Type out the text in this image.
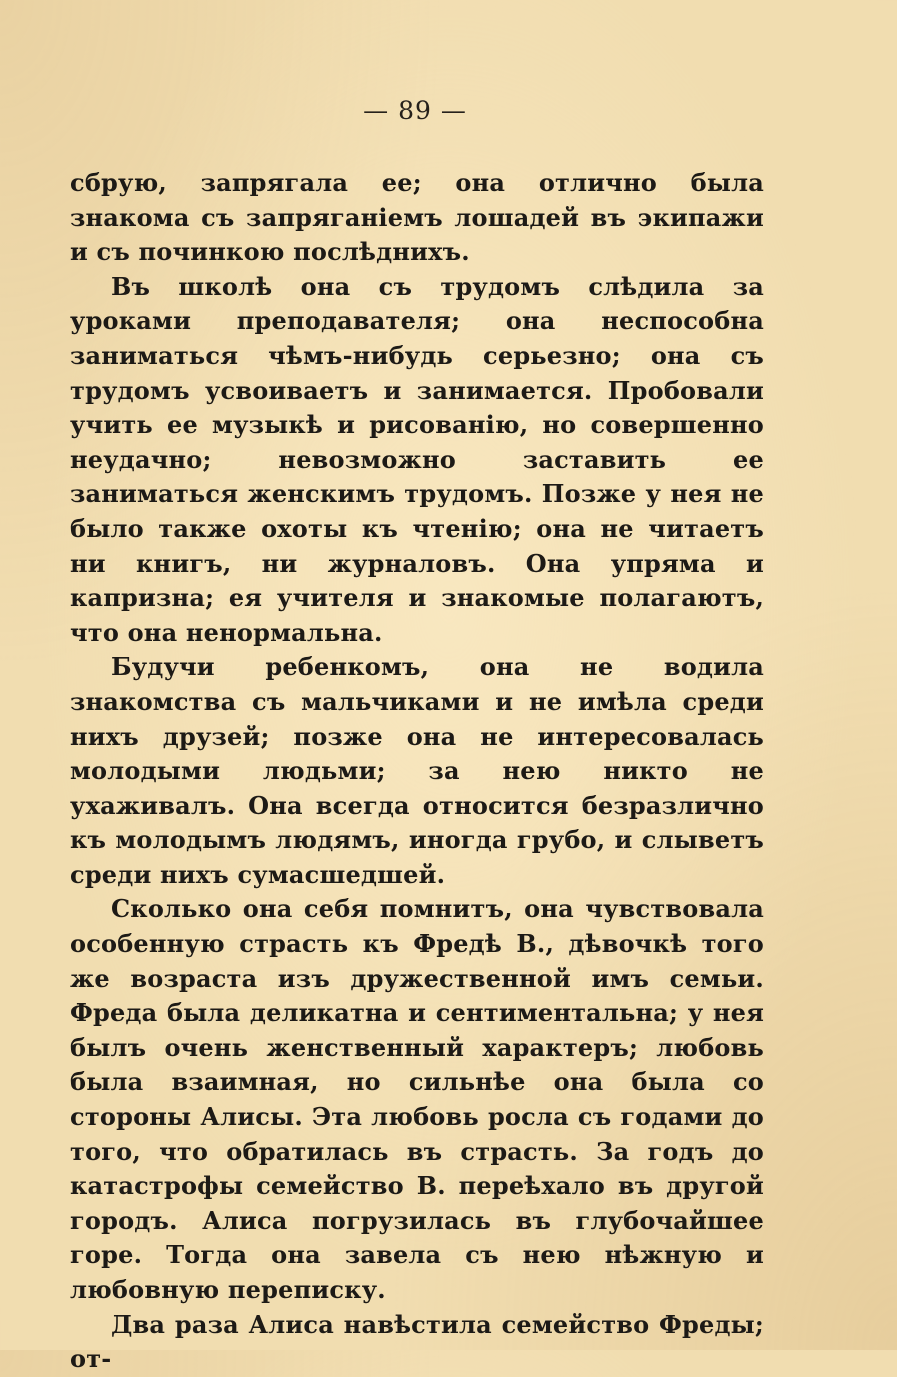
— 89 —

сбрую, запрягала ее; она отлично была знакома съ запряганіемъ лошадей въ экипажи и съ починкою послѣднихъ.

Въ школѣ она съ трудомъ слѣдила за уроками преподавателя; она неспособна заниматься чѣмъ-нибудь серьезно; она съ трудомъ усвоиваетъ и занимается. Пробовали учить ее музыкѣ и рисованію, но совершенно неудачно; невозможно заставить ее заниматься женскимъ трудомъ. Позже у нея не было также охоты къ чтенію; она не читаетъ ни книгъ, ни журналовъ. Она упряма и капризна; ея учителя и знакомые полагаютъ, что она ненормальна.

Будучи ребенкомъ, она не водила знакомства съ мальчиками и не имѣла среди нихъ друзей; позже она не интересовалась молодыми людьми; за нею никто не ухаживалъ. Она всегда относится безразлично къ молодымъ людямъ, иногда грубо, и слыветъ среди нихъ сумасшедшей.

Сколько она себя помнитъ, она чувствовала особенную страсть къ Фредѣ В., дѣвочкѣ того же возраста изъ дружественной имъ семьи. Фреда была деликатна и сентиментальна; у нея былъ очень женственный характеръ; любовь была взаимная, но сильнѣе она была со стороны Алисы. Эта любовь росла съ годами до того, что обратилась въ страсть. За годъ до катастрофы семейство В. переѣхало въ другой городъ. Алиса погрузилась въ глубочайшее горе. Тогда она завела съ нею нѣжную и любовную переписку.

Два раза Алиса навѣстила семейство Фреды; от-
